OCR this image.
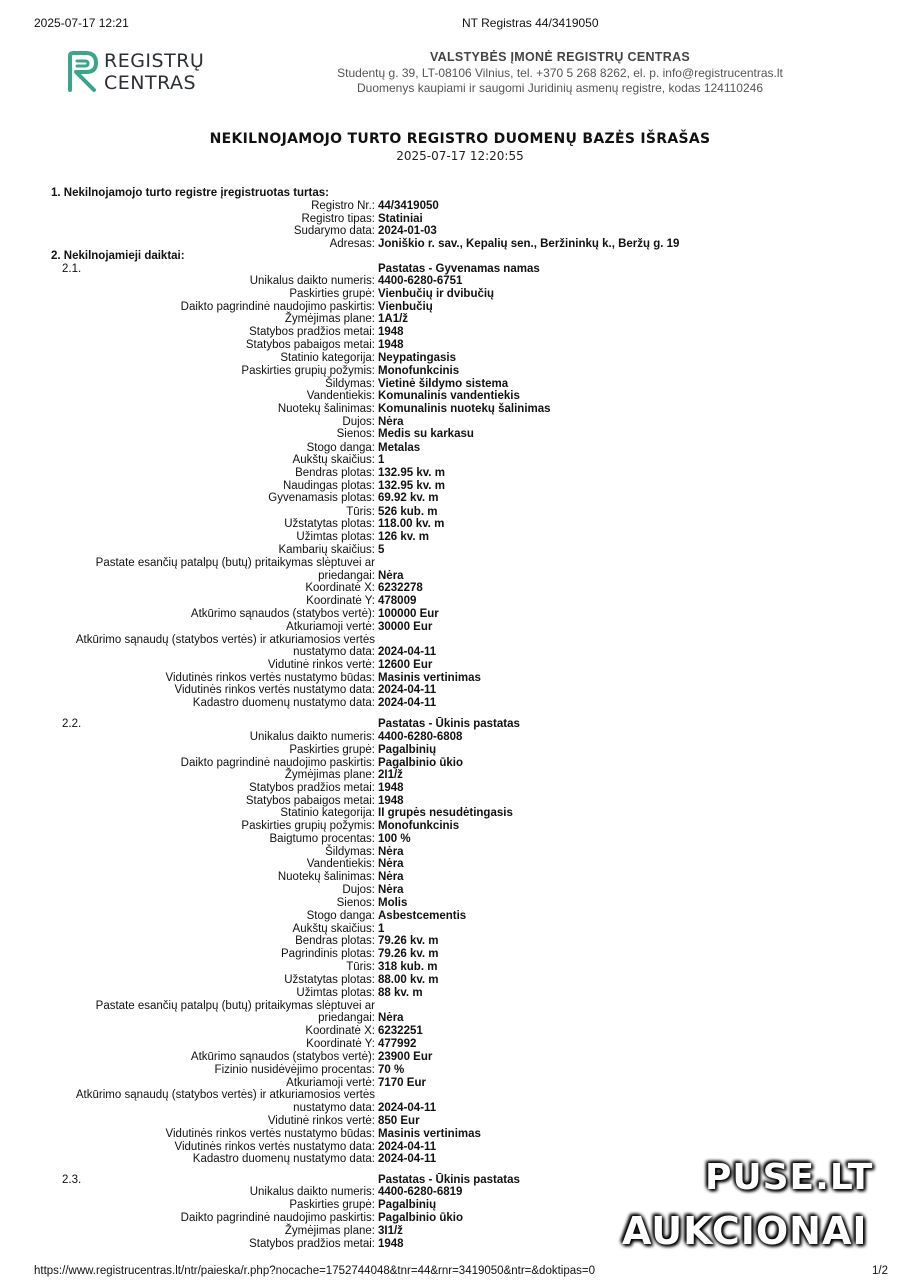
2025-07-17 12:21	NT Registras 44/3419050
REGISTRŲ
CENTRAS
VALSTYBĖS ĮMONĖ REGISTRŲ CENTRAS
Studentų g. 39, LT-08106 Vilnius, tel. +370 5 268 8262, el. p. info@registrucentras.lt
Duomenys kaupiami ir saugomi Juridinių asmenų registre, kodas 124110246
NEKILNOJAMOJO TURTO REGISTRO DUOMENŲ BAZĖS IŠRAŠAS
2025-07-17 12:20:55
1. Nekilnojamojo turto registre įregistruotas turtas:
Registro Nr.: 44/3419050
Registro tipas: Statiniai
Sudarymo data: 2024-01-03
Adresas: Joniškio r. sav., Kepalių sen., Beržininkų k., Beržų g. 19
2. Nekilnojamieji daiktai:
2.1.	Pastatas - Gyvenamas namas
Unikalus daikto numeris: 4400-6280-6751
Paskirties grupė: Vienbučių ir dvibučių
Daikto pagrindinė naudojimo paskirtis: Vienbučių
Žymėjimas plane: 1A1/ž
Statybos pradžios metai: 1948
Statybos pabaigos metai: 1948
Statinio kategorija: Neypatingasis
Paskirties grupių požymis: Monofunkcinis
Šildymas: Vietinė šildymo sistema
Vandentiekis: Komunalinis vandentiekis
Nuotekų šalinimas: Komunalinis nuotekų šalinimas
Dujos: Nėra
Sienos: Medis su karkasu
Stogo danga: Metalas
Aukštų skaičius: 1
Bendras plotas: 132.95 kv. m
Naudingas plotas: 132.95 kv. m
Gyvenamasis plotas: 69.92 kv. m
Tūris: 526 kub. m
Užstatytas plotas: 118.00 kv. m
Užimtas plotas: 126 kv. m
Kambarių skaičius: 5
Pastate esančių patalpų (butų) pritaikymas slėptuvei ar
priedangai: Nėra
Koordinatė X: 6232278
Koordinatė Y: 478009
Atkūrimo sąnaudos (statybos vertė): 100000 Eur
Atkuriamoji vertė: 30000 Eur
Atkūrimo sąnaudų (statybos vertės) ir atkuriamosios vertės
nustatymo data: 2024-04-11
Vidutinė rinkos vertė: 12600 Eur
Vidutinės rinkos vertės nustatymo būdas: Masinis vertinimas
Vidutinės rinkos vertės nustatymo data: 2024-04-11
Kadastro duomenų nustatymo data: 2024-04-11
2.2.	Pastatas - Ūkinis pastatas
Unikalus daikto numeris: 4400-6280-6808
Paskirties grupė: Pagalbinių
Daikto pagrindinė naudojimo paskirtis: Pagalbinio ūkio
Žymėjimas plane: 2I1/ž
Statybos pradžios metai: 1948
Statybos pabaigos metai: 1948
Statinio kategorija: II grupės nesudėtingasis
Paskirties grupių požymis: Monofunkcinis
Baigtumo procentas: 100 %
Šildymas: Nėra
Vandentiekis: Nėra
Nuotekų šalinimas: Nėra
Dujos: Nėra
Sienos: Molis
Stogo danga: Asbestcementis
Aukštų skaičius: 1
Bendras plotas: 79.26 kv. m
Pagrindinis plotas: 79.26 kv. m
Tūris: 318 kub. m
Užstatytas plotas: 88.00 kv. m
Užimtas plotas: 88 kv. m
Pastate esančių patalpų (butų) pritaikymas slėptuvei ar
priedangai: Nėra
Koordinatė X: 6232251
Koordinatė Y: 477992
Atkūrimo sąnaudos (statybos vertė): 23900 Eur
Fizinio nusidėvėjimo procentas: 70 %
Atkuriamoji vertė: 7170 Eur
Atkūrimo sąnaudų (statybos vertės) ir atkuriamosios vertės
nustatymo data: 2024-04-11
Vidutinė rinkos vertė: 850 Eur
Vidutinės rinkos vertės nustatymo būdas: Masinis vertinimas
Vidutinės rinkos vertės nustatymo data: 2024-04-11
Kadastro duomenų nustatymo data: 2024-04-11
2.3.	Pastatas - Ūkinis pastatas
Unikalus daikto numeris: 4400-6280-6819
Paskirties grupė: Pagalbinių
Daikto pagrindinė naudojimo paskirtis: Pagalbinio ūkio
Žymėjimas plane: 3I1/ž
Statybos pradžios metai: 1948
https://www.registrucentras.lt/ntr/paieska/r.php?nocache=1752744048&tnr=44&rnr=3419050&ntr=&doktipas=0	1/2
PUSE.LT
AUKCIONAI
